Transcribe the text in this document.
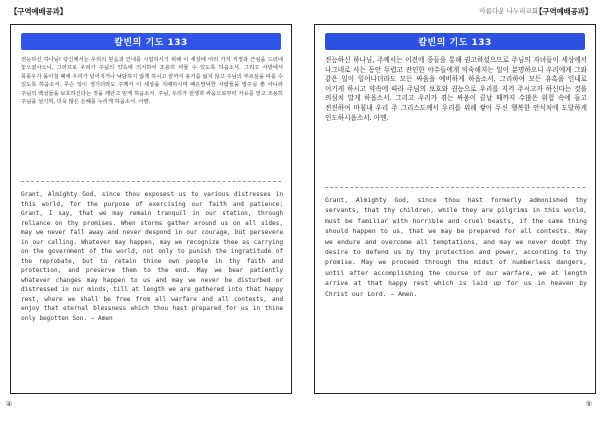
【구역예배공과】
칼빈의 기도 133

전능하신 하나님! 당신께서는 우리의 믿음과 인내를 시험하시기 위해 이 세상에 여러 가지 걱정과 근심을 드러내 놓으셨사오니, 그러므로 우리가 주님의 약속에 의지하여 조용히 머물 수 있도록 하옵소서. 그리고 사방에서 폭풍우가 몰아칠 때에 우리가 넘어지거나 낙담하지 않게 하시고 끝까지 용기를 잃지 않고 주님의 부르심을 따를 수 있도록 하옵소서. 무슨 일이 생기더라도 주께서 이 세상을 지배하시며 배은망덕한 사람들을 벌주실 뿐 아니라 주님의 백성들을 보호하신다는 것을 깨닫고 믿게 하옵소서. 주님, 우리가 전쟁과 싸움으로부터 자유를 얻고 조용히 주님을 섬기며, 더욱 많은 은혜를 누리게 하옵소서. 아멘.

Grant, Almighty God, since thou exposest us to various distresses in this world, for the purpose of exercising our faith and patience: Grant, I say, that we may remain tranquil in our station, through reliance on thy promises. When storms gather around us on all sides, may we never fall away and never despond in our courage, but persevere in our calling. Whatever may happen, may we recognize thee as carrying on the government of the world, not only to punish the ingratitude of the reprobate, but to retain thine own people in thy faith and protection, and preserve them to the end. May we bear patiently whatever changes may happen to us and may we never be disturbed or distressed in our minds, till at length we are gathered into that happy rest, where we shall be free from all warfare and all contests, and enjoy that eternal blessness which thou hast prepared for us in thine only begotten Son. — Amen

④
아름다운 나누리교회
【구역예배공과】
칼빈의 기도 133

전능하신 하나님, 주께서는 이전에 종들을 통해 권고하셨으므로 주님의 자녀들이 세상에서 나그네로 사는 동안 두렵고 잔인한 야수들에게 익숙해지는 일이 분명하오니 우리에게 그와 같은 일이 일어나더라도 모든 싸움을 예비하게 하옵소서. 그리하여 모든 유혹을 인내로 이기게 하시고 약속에 따라 주님의 보호와 권능으로 우리를 지켜 주시고자 하신다는 것을 의심치 말게 하옵소서. 그리고 우리가 겪는 싸움이 끝날 때까지 수많은 위험 속에 둘고 전진하여 마침내 우리 주 그리스도께서 우리를 위해 쌓아 두신 행복한 안식처에 도달하게 인도하시옵소서. 아멘.

Grant, Almighty God, since thou hast formerly admonished thy servants, that thy children, while they are pilgrims in this world, must be familiar with horrible and cruel beasts, if the same thing should happen to us, that we may be prepared for all contests. May we endure and overcome all temptations, and may we never doubt thy desire to defend us by thy protection and power, according to thy promise. May we proceed through the midst of numberless dangers, until after accomplishing the course of our warfare, we at length arrive at that happy rest which is laid up for us in heaven by Christ our Lord. — Amen.

⑤
